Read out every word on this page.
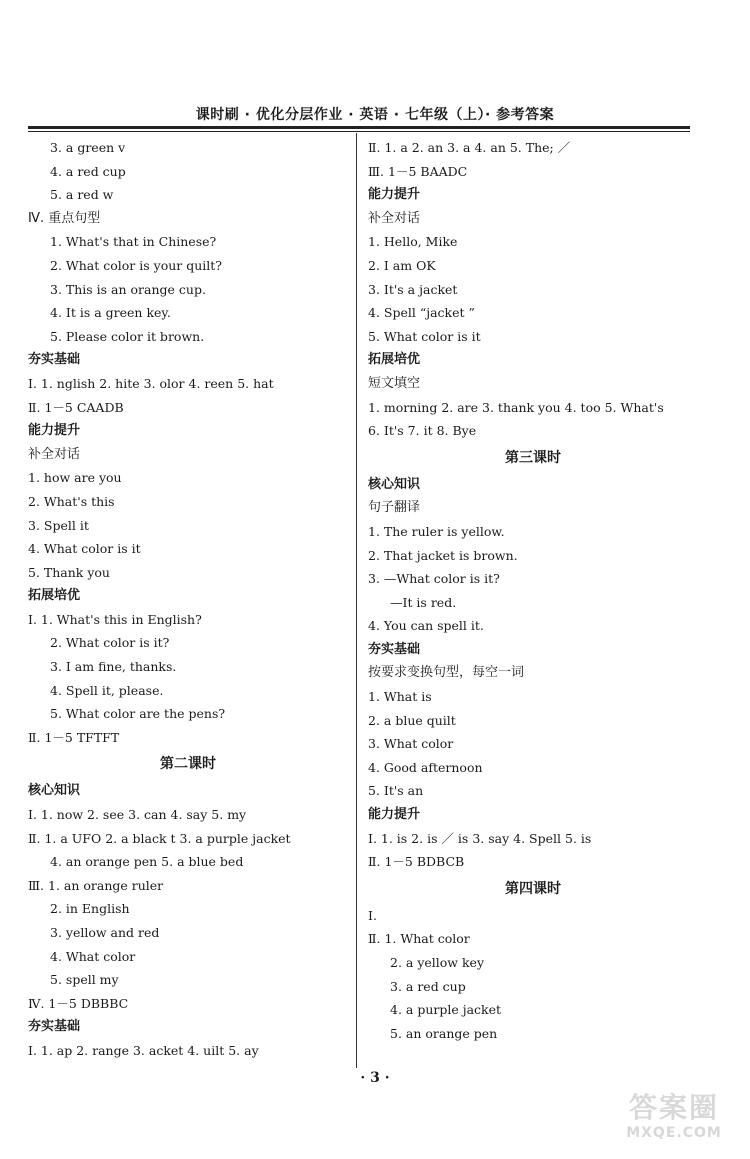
课时刷 · 优化分层作业 · 英语 · 七年级（上）· 参考答案
3. a green v
4. a red cup
5. a red w
Ⅳ. 重点句型
1. What's that in Chinese?
2. What color is your quilt?
3. This is an orange cup.
4. It is a green key.
5. Please color it brown.
夯实基础
Ⅰ. 1. nglish 2. hite 3. olor 4. reen 5. hat
Ⅱ. 1－5 CAADB
能力提升
补全对话
1. how are you
2. What's this
3. Spell it
4. What color is it
5. Thank you
拓展培优
Ⅰ. 1. What's this in English?
2. What color is it?
3. I am fine, thanks.
4. Spell it, please.
5. What color are the pens?
Ⅱ. 1－5 TFTFT
第二课时
核心知识
Ⅰ. 1. now 2. see 3. can 4. say 5. my
Ⅱ. 1. a UFO 2. a black t 3. a purple jacket
4. an orange pen 5. a blue bed
Ⅲ. 1. an orange ruler
2. in English
3. yellow and red
4. What color
5. spell my
Ⅳ. 1－5 DBBBC
夯实基础
Ⅰ. 1. ap 2. range 3. acket 4. uilt 5. ay
Ⅱ. 1. a 2. an 3. a 4. an 5. The; ／
Ⅲ. 1－5 BAADC
能力提升
补全对话
1. Hello, Mike
2. I am OK
3. It's a jacket
4. Spell “jacket ”
5. What color is it
拓展培优
短文填空
1. morning 2. are 3. thank you 4. too 5. What's
6. It's 7. it 8. Bye
第三课时
核心知识
句子翻译
1. The ruler is yellow.
2. That jacket is brown.
3. —What color is it?
—It is red.
4. You can spell it.
夯实基础
按要求变换句型，每空一词
1. What is
2. a blue quilt
3. What color
4. Good afternoon
5. It's an
能力提升
Ⅰ. 1. is 2. is ／ is 3. say 4. Spell 5. is
Ⅱ. 1－5 BDBCB
第四课时
Ⅰ.
Ⅱ. 1. What color
2. a yellow key
3. a red cup
4. a purple jacket
5. an orange pen
· 3 ·
答案圈
MXQE.COM
